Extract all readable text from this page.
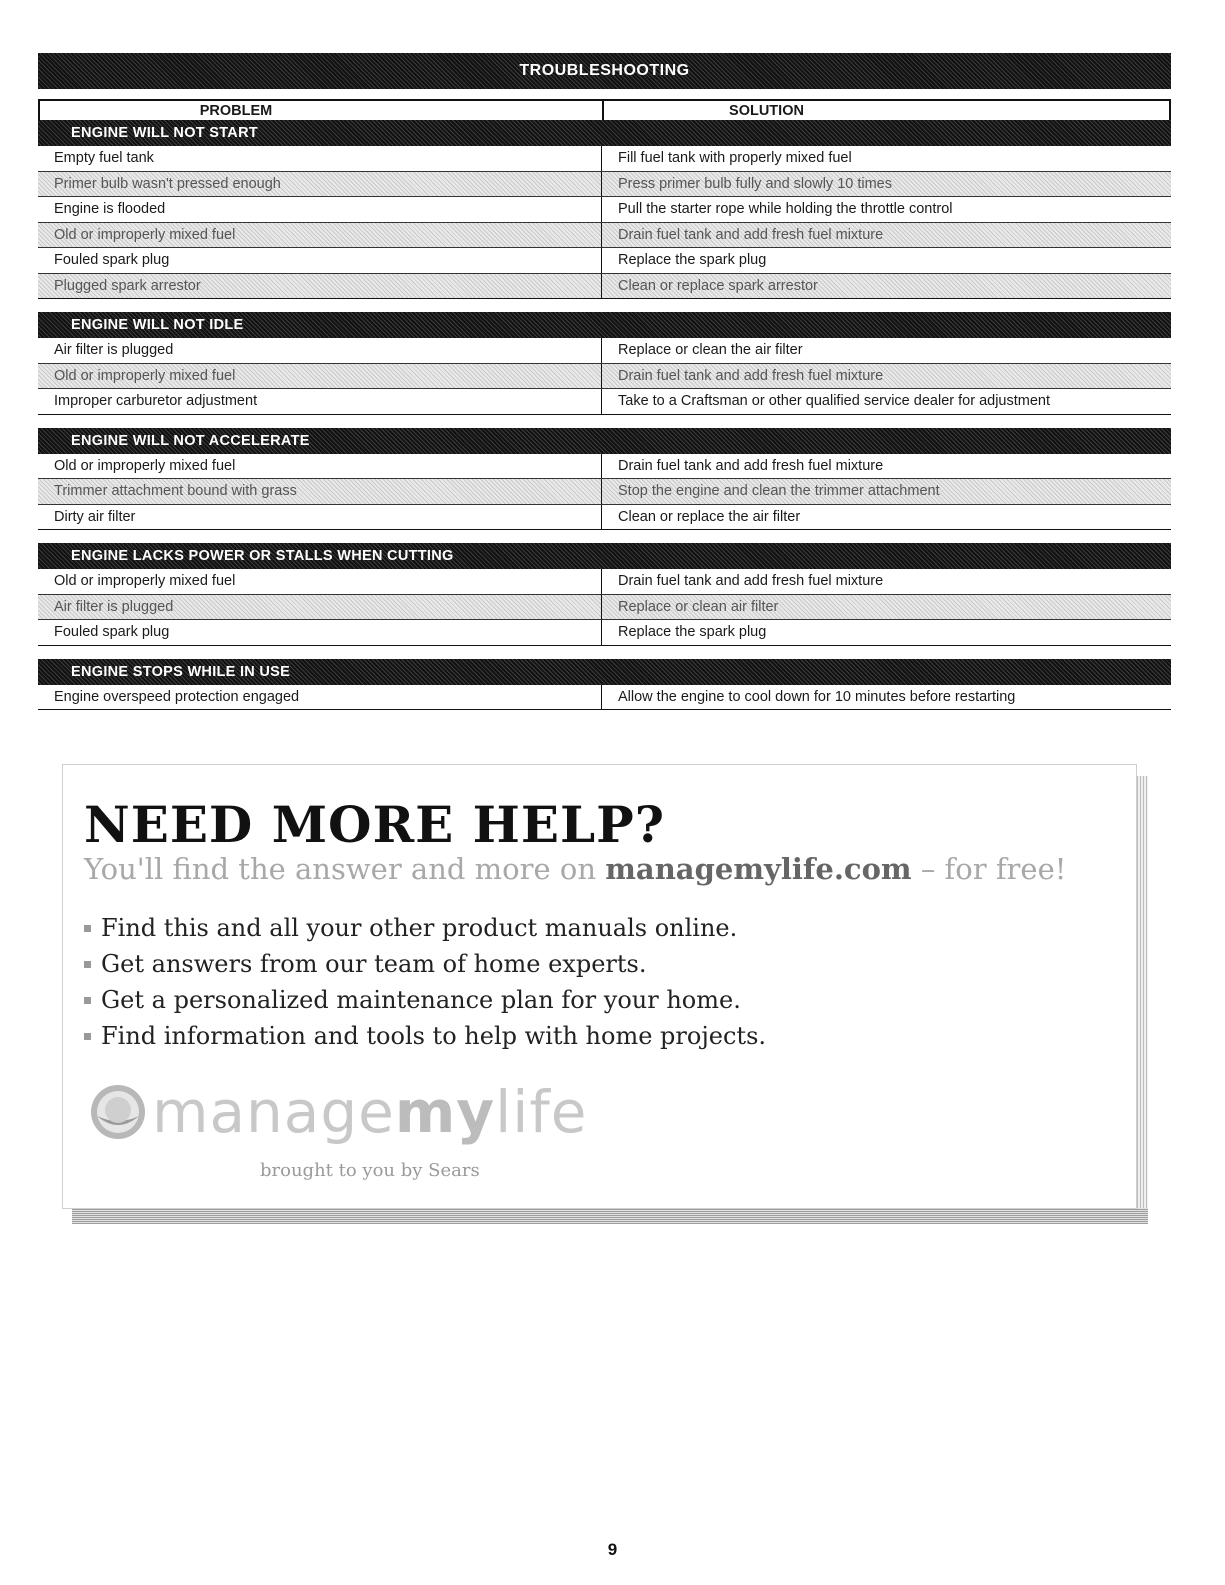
TROUBLESHOOTING
PROBLEM	SOLUTION
ENGINE WILL NOT START
Empty fuel tank	Fill fuel tank with properly mixed fuel
Primer bulb wasn't pressed enough	Press primer bulb fully and slowly 10 times
Engine is flooded	Pull the starter rope while holding the throttle control
Old or improperly mixed fuel	Drain fuel tank and add fresh fuel mixture
Fouled spark plug	Replace the spark plug
Plugged spark arrestor	Clean or replace spark arrestor
ENGINE WILL NOT IDLE
Air filter is plugged	Replace or clean the air filter
Old or improperly mixed fuel	Drain fuel tank and add fresh fuel mixture
Improper carburetor adjustment	Take to a Craftsman or other qualified service dealer for adjustment
ENGINE WILL NOT ACCELERATE
Old or improperly mixed fuel	Drain fuel tank and add fresh fuel mixture
Trimmer attachment bound with grass	Stop the engine and clean the trimmer attachment
Dirty air filter	Clean or replace the air filter
ENGINE LACKS POWER OR STALLS WHEN CUTTING
Old or improperly mixed fuel	Drain fuel tank and add fresh fuel mixture
Air filter is plugged	Replace or clean air filter
Fouled spark plug	Replace the spark plug
ENGINE STOPS WHILE IN USE
Engine overspeed protection engaged	Allow the engine to cool down for 10 minutes before restarting
NEED MORE HELP?
You'll find the answer and more on managemylife.com – for free!
Find this and all your other product manuals online.
Get answers from our team of home experts.
Get a personalized maintenance plan for your home.
Find information and tools to help with home projects.
managemylife
brought to you by Sears
9
